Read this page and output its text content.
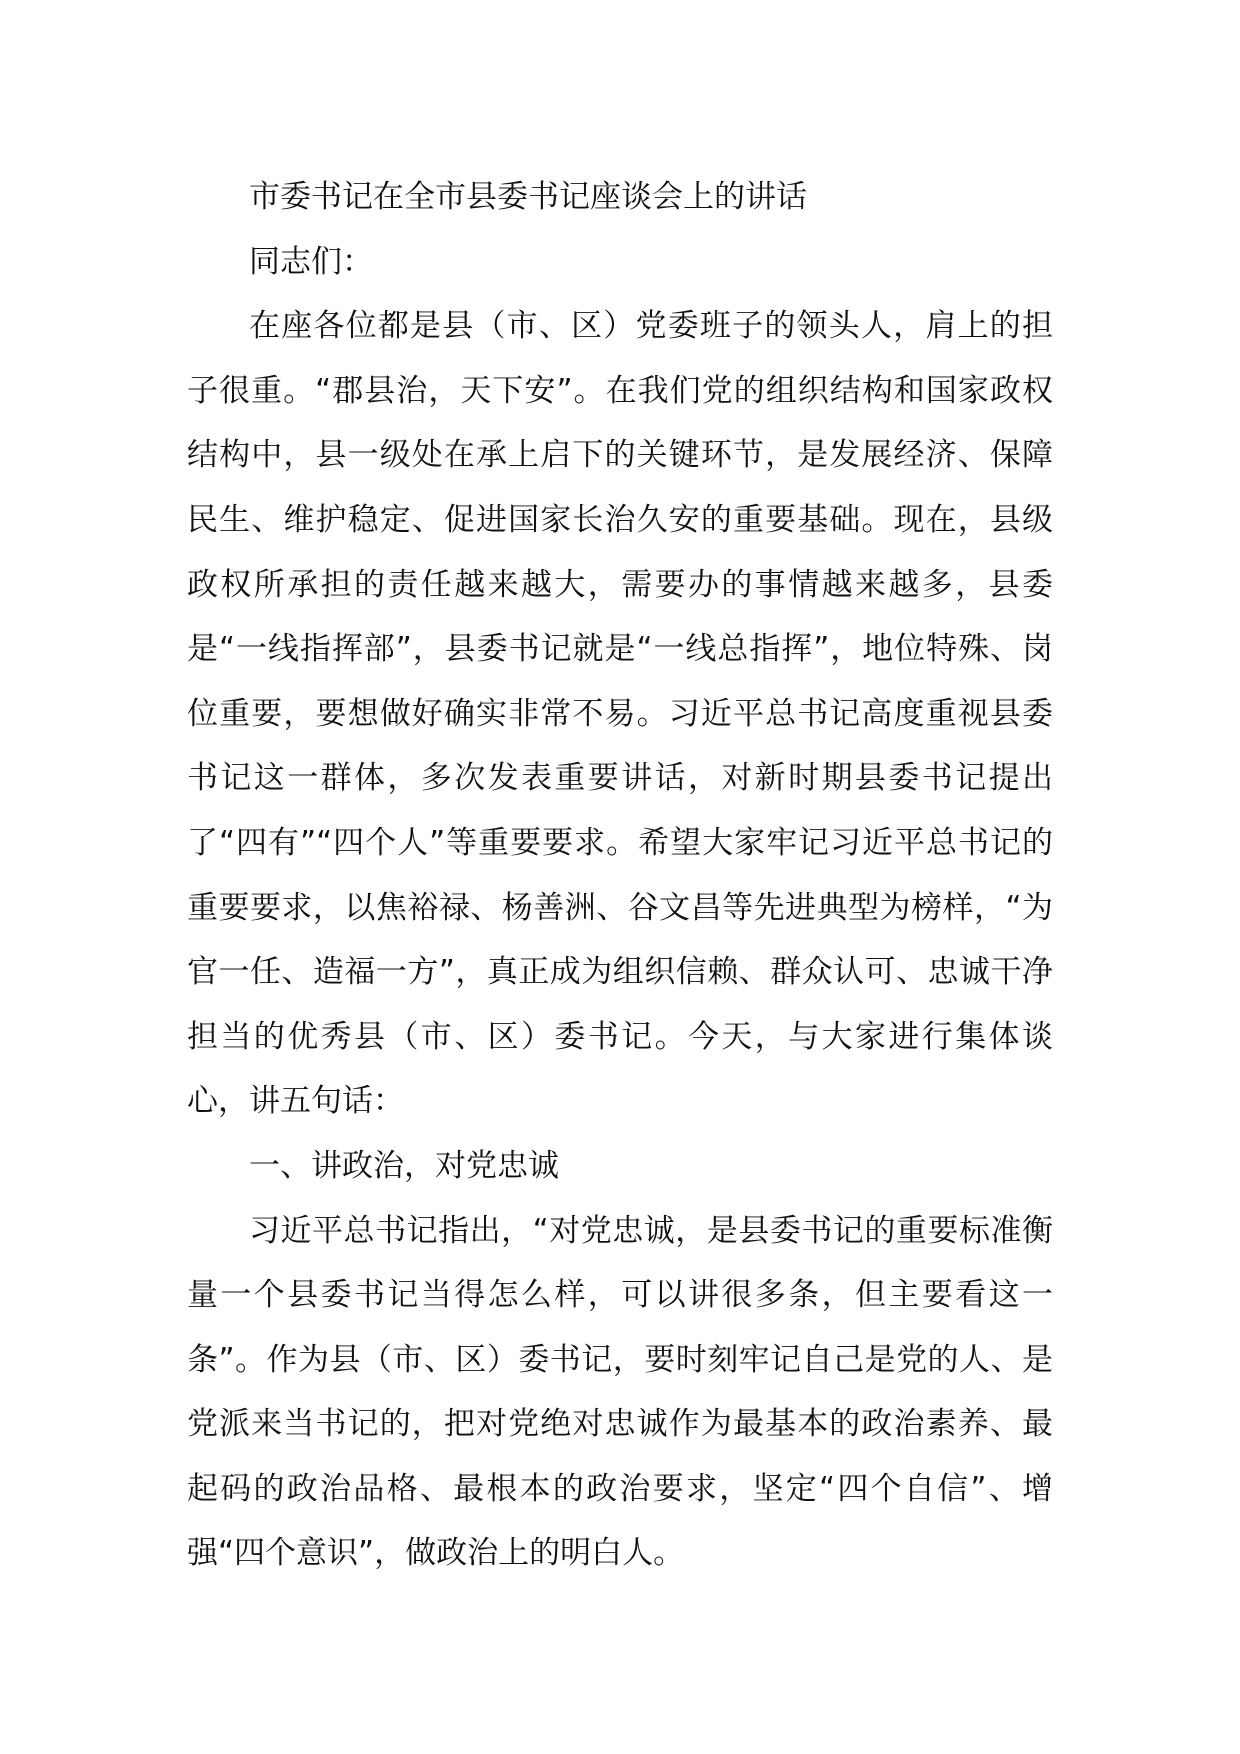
市委书记在全市县委书记座谈会上的讲话

同志们：

在座各位都是县（市、区）党委班子的领头人，肩上的担子很重。“郡县治，天下安”。在我们党的组织结构和国家政权结构中，县一级处在承上启下的关键环节，是发展经济、保障民生、维护稳定、促进国家长治久安的重要基础。现在，县级政权所承担的责任越来越大，需要办的事情越来越多，县委是“一线指挥部”，县委书记就是“一线总指挥”，地位特殊、岗位重要，要想做好确实非常不易。习近平总书记高度重视县委书记这一群体，多次发表重要讲话，对新时期县委书记提出了“四有”“四个人”等重要要求。希望大家牢记习近平总书记的重要要求，以焦裕禄、杨善洲、谷文昌等先进典型为榜样，“为官一任、造福一方”，真正成为组织信赖、群众认可、忠诚干净担当的优秀县（市、区）委书记。今天，与大家进行集体谈心，讲五句话：

一、讲政治，对党忠诚

习近平总书记指出，“对党忠诚，是县委书记的重要标准衡量一个县委书记当得怎么样，可以讲很多条，但主要看这一条”。作为县（市、区）委书记，要时刻牢记自己是党的人、是党派来当书记的，把对党绝对忠诚作为最基本的政治素养、最起码的政治品格、最根本的政治要求，坚定“四个自信”、增强“四个意识”，做政治上的明白人。
